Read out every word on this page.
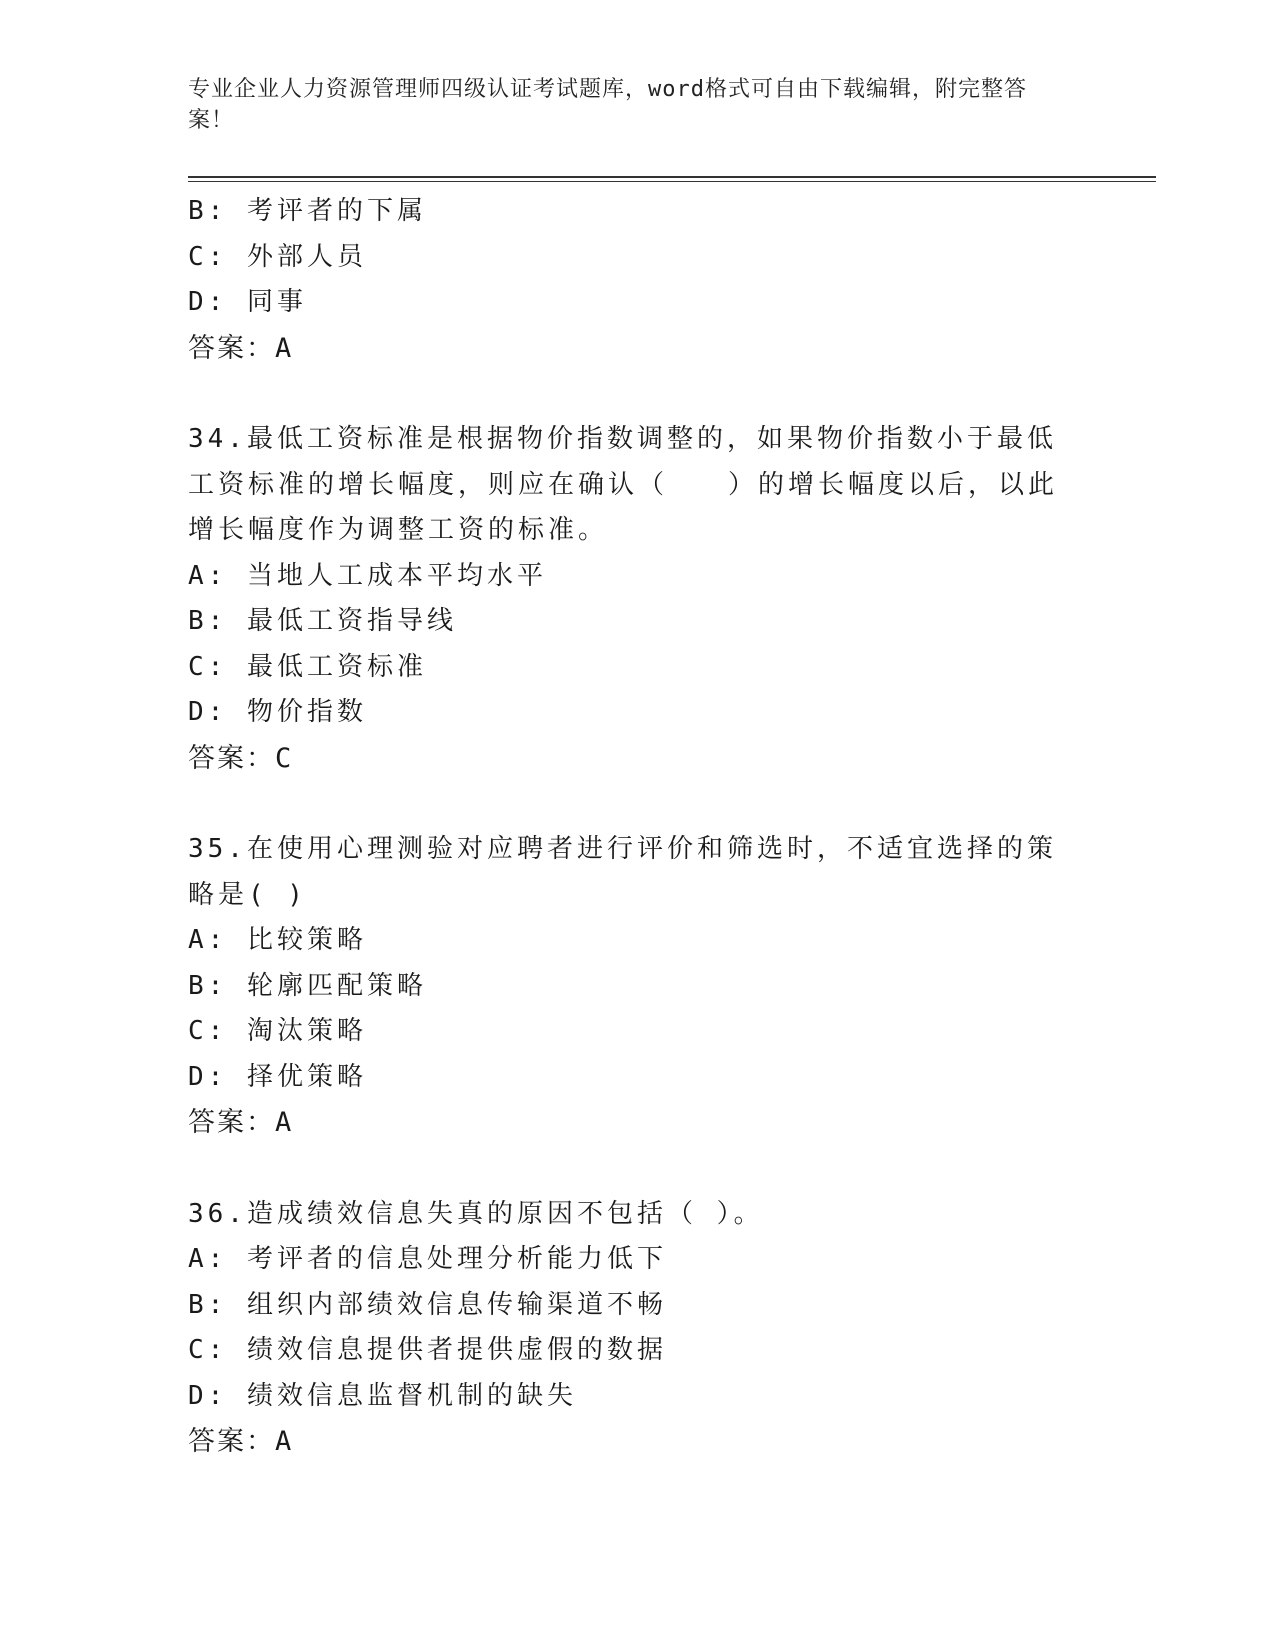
专业企业人力资源管理师四级认证考试题库，word格式可自由下载编辑，附完整答案！
B: 考评者的下属
C: 外部人员
D: 同事
答案：A
34.最低工资标准是根据物价指数调整的，如果物价指数小于最低工资标准的增长幅度，则应在确认（　　）的增长幅度以后，以此增长幅度作为调整工资的标准。
A: 当地人工成本平均水平
B: 最低工资指导线
C: 最低工资标准
D: 物价指数
答案：C
35.在使用心理测验对应聘者进行评价和筛选时，不适宜选择的策略是( )
A: 比较策略
B: 轮廓匹配策略
C: 淘汰策略
D: 择优策略
答案：A
36.造成绩效信息失真的原因不包括（ ）。
A: 考评者的信息处理分析能力低下
B: 组织内部绩效信息传输渠道不畅
C: 绩效信息提供者提供虚假的数据
D: 绩效信息监督机制的缺失
答案：A
